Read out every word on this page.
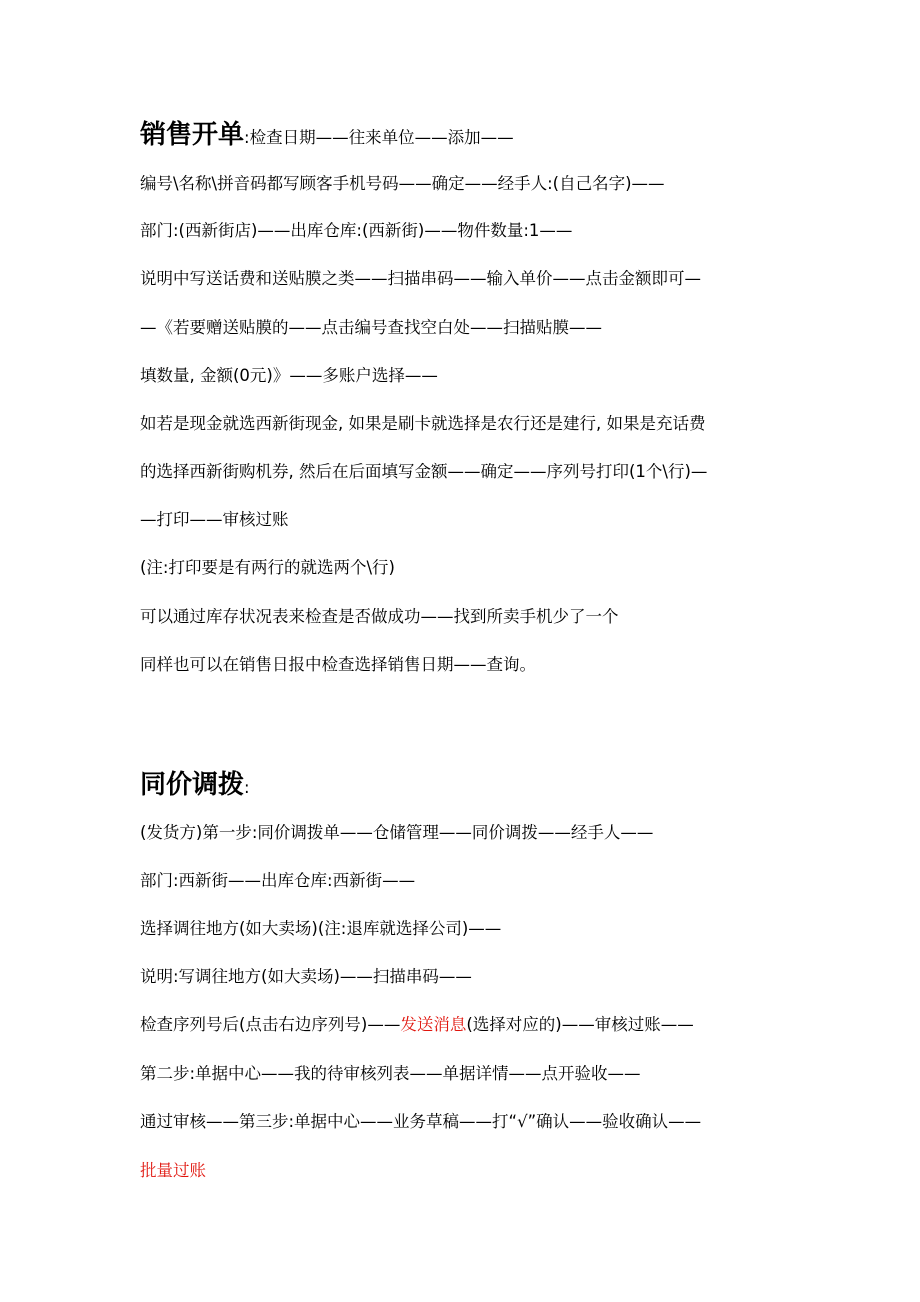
销售开单:检查日期——往来单位——添加——
编号\名称\拼音码都写顾客手机号码——确定——经手人:(自己名字)——
部门:(西新街店)——出库仓库:(西新街)——物件数量:1——
说明中写送话费和送贴膜之类——扫描串码——输入单价——点击金额即可—
—《若要赠送贴膜的——点击编号查找空白处——扫描贴膜——
填数量, 金额(0元)》——多账户选择——
如若是现金就选西新街现金, 如果是刷卡就选择是农行还是建行, 如果是充话费
的选择西新街购机券, 然后在后面填写金额——确定——序列号打印(1个\行)—
—打印——审核过账
(注:打印要是有两行的就选两个\行)
可以通过库存状况表来检查是否做成功——找到所卖手机少了一个
同样也可以在销售日报中检查选择销售日期——查询。
同价调拨:
(发货方)第一步:同价调拨单——仓储管理——同价调拨——经手人——
部门:西新街——出库仓库:西新街——
选择调往地方(如大卖场)(注:退库就选择公司)——
说明:写调往地方(如大卖场)——扫描串码——
检查序列号后(点击右边序列号)——发送消息(选择对应的)——审核过账——
第二步:单据中心——我的待审核列表——单据详情——点开验收——
通过审核——第三步:单据中心——业务草稿——打“√”确认——验收确认——
批量过账
